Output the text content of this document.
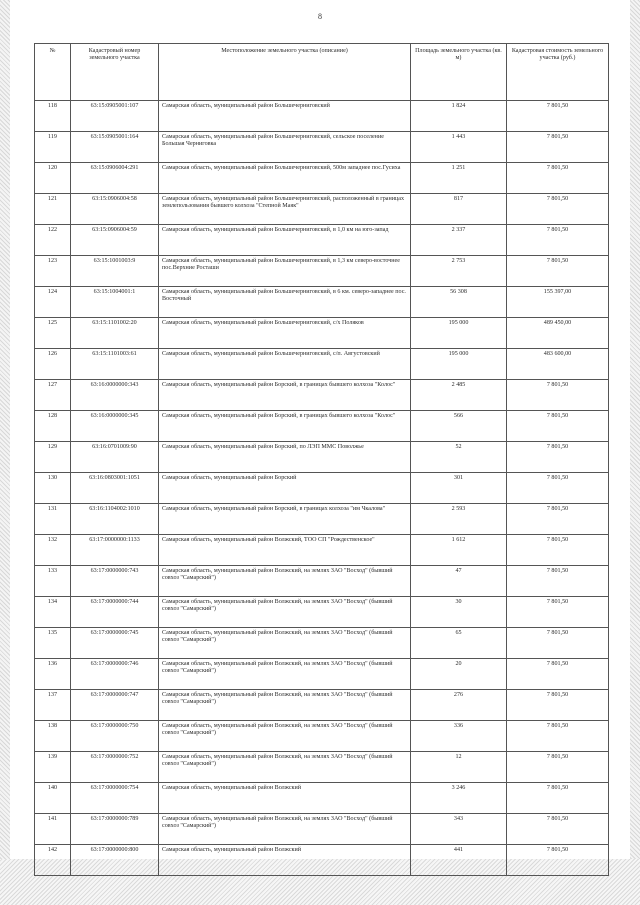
8
№	Кадастровый номер земельного участка	Местоположение земельного участка (описание)	Площадь земельного участка (кв. м)	Кадастровая стоимость земельного участка (руб.)
118	63:15:0905001:107	Самарская область, муниципальный район Большечерниговский	1 824	7 801,50
119	63:15:0905001:164	Самарская область, муниципальный район Большечерниговский, сельское поселение Большая Черниговка	1 443	7 801,50
120	63:15:0906004:291	Самарская область, муниципальный район Большечерниговский, 500м западнее пос.Гусиха	1 251	7 801,50
121	63:15:0906004:58	Самарская область, муниципальный район Большечерниговский, расположенный в границах землепользования бывшего колхоза "Степной Маяк"	817	7 801,50
122	63:15:0906004:59	Самарская область, муниципальный район Большечерниговский, в 1,0 км на юго-запад	2 337	7 801,50
123	63:15:1001003:9	Самарская область, муниципальный район Большечерниговский, в 1,3 км северо-восточнее пос.Верхние Росташи	2 753	7 801,50
124	63:15:1004001:1	Самарская область, муниципальный район Большечерниговский, в 6 км. северо-западнее пос. Восточный	56 308	155 397,00
125	63:15:1101002:20	Самарская область, муниципальный район Большечерниговский, с/х Поляков	195 000	489 450,00
126	63:15:1101003:61	Самарская область, муниципальный район Большечерниговский, с/п. Августовский	195 000	483 600,00
127	63:16:0000000:343	Самарская область, муниципальный район Борский, в границах бывшего колхоза "Колос"	2 485	7 801,50
128	63:16:0000000:345	Самарская область, муниципальный район Борский, в границах бывшего колхоза "Колос"	566	7 801,50
129	63:16:0701009:90	Самарская область, муниципальный район Борский, по ЛЭП ММС Поволжье	52	7 801,50
130	63:16:0803001:1051	Самарская область, муниципальный район Борский	301	7 801,50
131	63:16:1104002:1010	Самарская область, муниципальный район Борский, в границах колхоза "им Чкалова"	2 593	7 801,50
132	63:17:0000000:1133	Самарская область, муниципальный район Волжский, ТОО СП "Рождественское"	1 612	7 801,50
133	63:17:0000000:743	Самарская область, муниципальный район Волжский, на землях ЗАО "Восход" (бывший совхоз "Самарский")	47	7 801,50
134	63:17:0000000:744	Самарская область, муниципальный район Волжский, на землях ЗАО "Восход" (бывший совхоз "Самарский")	30	7 801,50
135	63:17:0000000:745	Самарская область, муниципальный район Волжский, на землях ЗАО "Восход" (бывший совхоз "Самарский")	65	7 801,50
136	63:17:0000000:746	Самарская область, муниципальный район Волжский, на землях ЗАО "Восход" (бывший совхоз "Самарский")	20	7 801,50
137	63:17:0000000:747	Самарская область, муниципальный район Волжский, на землях ЗАО "Восход" (бывший совхоз "Самарский")	276	7 801,50
138	63:17:0000000:750	Самарская область, муниципальный район Волжский, на землях ЗАО "Восход" (бывший совхоз "Самарский")	336	7 801,50
139	63:17:0000000:752	Самарская область, муниципальный район Волжский, на землях ЗАО "Восход" (бывший совхоз "Самарский")	12	7 801,50
140	63:17:0000000:754	Самарская область, муниципальный район Волжский	3 246	7 801,50
141	63:17:0000000:789	Самарская область, муниципальный район Волжский, на землях ЗАО "Восход" (бывший совхоз "Самарский")	343	7 801,50
142	63:17:0000000:800	Самарская область, муниципальный район Волжский	441	7 801,50
